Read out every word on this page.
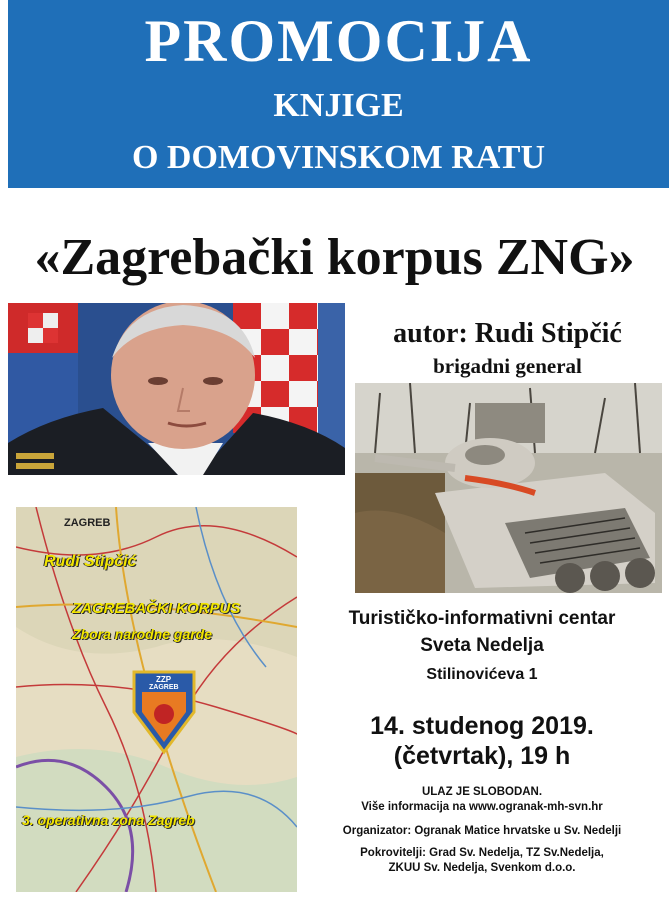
PROMOCIJA
KNJIGE
O DOMOVINSKOM RATU
«Zagrebački korpus ZNG»
autor: Rudi Stipčić
brigadni general
ZAGREB
Rudi Stipčić
ZAGREBAČKI KORPUS
Zbora narodne garde
ZZP
ZAGREB
3. operativna zona Zagreb
Turističko-informativni centar
Sveta Nedelja
Stilinovićeva 1
14. studenog 2019.
(četvrtak), 19 h
ULAZ JE SLOBODAN.
Više informacija na www.ogranak-mh-svn.hr
Organizator: Ogranak Matice hrvatske u Sv. Nedelji
Pokrovitelji: Grad Sv. Nedelja, TZ Sv.Nedelja,
ZKUU Sv. Nedelja, Svenkom d.o.o.
